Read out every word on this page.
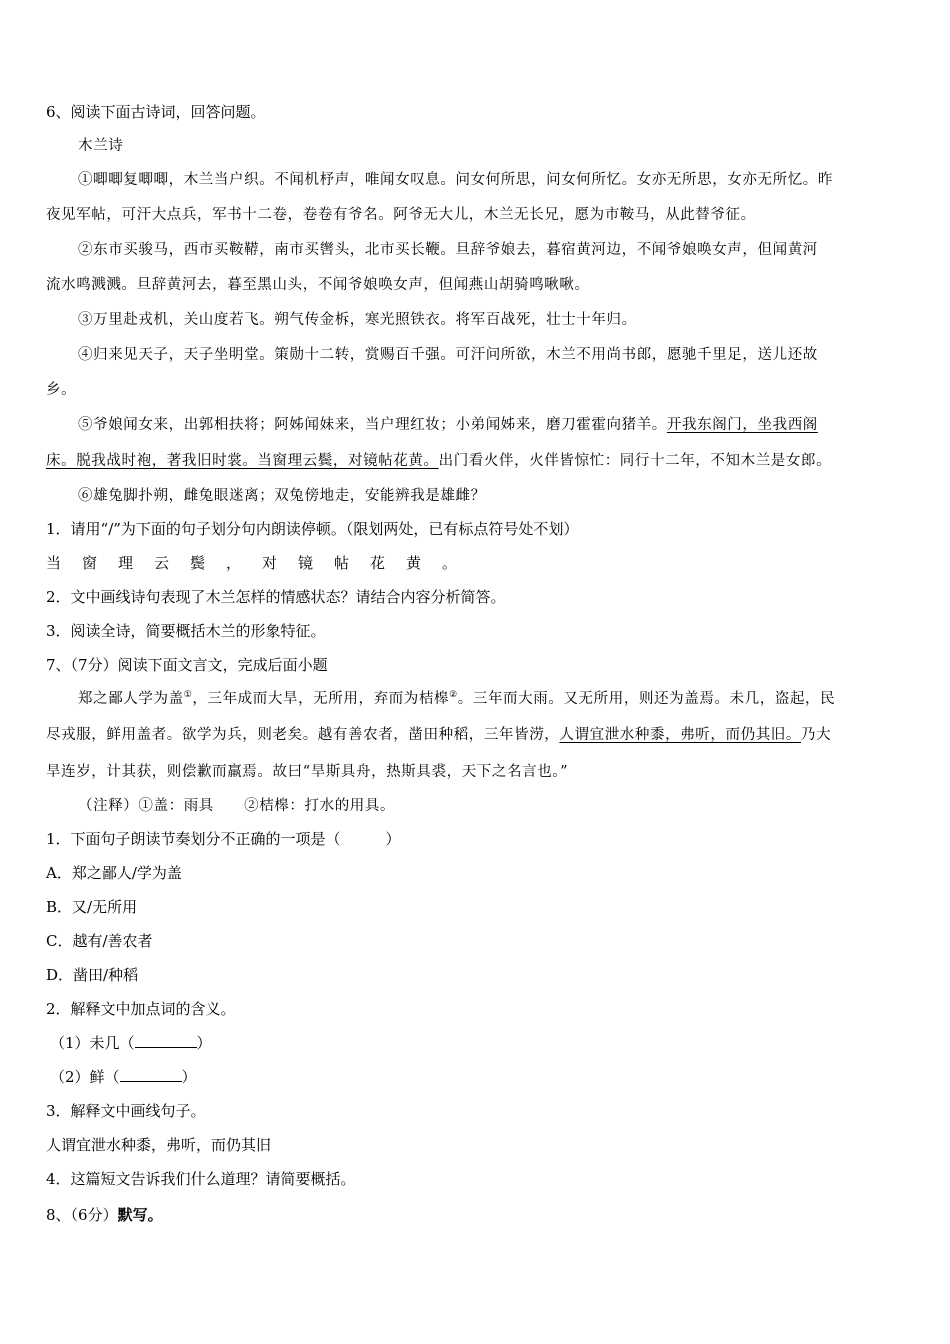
6、阅读下面古诗词，回答问题。
木兰诗
①唧唧复唧唧，木兰当户织。不闻机杼声，唯闻女叹息。问女何所思，问女何所忆。女亦无所思，女亦无所忆。昨
夜见军帖，可汗大点兵，军书十二卷，卷卷有爷名。阿爷无大儿，木兰无长兄，愿为市鞍马，从此替爷征。
②东市买骏马，西市买鞍鞯，南市买辔头，北市买长鞭。旦辞爷娘去，暮宿黄河边，不闻爷娘唤女声，但闻黄河
流水鸣溅溅。旦辞黄河去，暮至黑山头，不闻爷娘唤女声，但闻燕山胡骑鸣啾啾。
③万里赴戎机，关山度若飞。朔气传金柝，寒光照铁衣。将军百战死，壮士十年归。
④归来见天子，天子坐明堂。策勋十二转，赏赐百千强。可汗问所欲，木兰不用尚书郎，愿驰千里足，送儿还故
乡。
⑤爷娘闻女来，出郭相扶将；阿姊闻妹来，当户理红妆；小弟闻姊来，磨刀霍霍向猪羊。开我东阁门，坐我西阁
床。脱我战时袍，著我旧时裳。当窗理云鬓，对镜帖花黄。出门看火伴，火伴皆惊忙：同行十二年，不知木兰是女郎。
⑥雄兔脚扑朔，雌兔眼迷离；双兔傍地走，安能辨我是雄雌？
1．请用“/”为下面的句子划分句内朗读停顿。（限划两处，已有标点符号处不划）
当窗理云鬓，对镜帖花黄。
2．文中画线诗句表现了木兰怎样的情感状态？请结合内容分析简答。
3．阅读全诗，简要概括木兰的形象特征。
7、（7分）阅读下面文言文，完成后面小题
郑之鄙人学为盖①，三年成而大旱，无所用，弃而为桔槔②。三年而大雨。又无所用，则还为盖焉。未几，盗起，民
尽戎服，鲜用盖者。欲学为兵，则老矣。越有善农者，凿田种稻，三年皆涝，人谓宜泄水种黍，弗听，而仍其旧。乃大
旱连岁，计其获，则偿歉而羸焉。故曰“旱斯具舟，热斯具裘，天下之名言也。”
（注释）①盖：雨具　　②桔槔：打水的用具。
1．下面句子朗读节奏划分不正确的一项是（　　　）
A．郑之鄙人/学为盖
B．又/无所用
C．越有/善农者
D．凿田/种稻
2．解释文中加点词的含义。
（1）未几（	）
（2）鲜（	）
3．解释文中画线句子。
人谓宜泄水种黍，弗听，而仍其旧
4．这篇短文告诉我们什么道理？请简要概括。
8、（6分）默写。
